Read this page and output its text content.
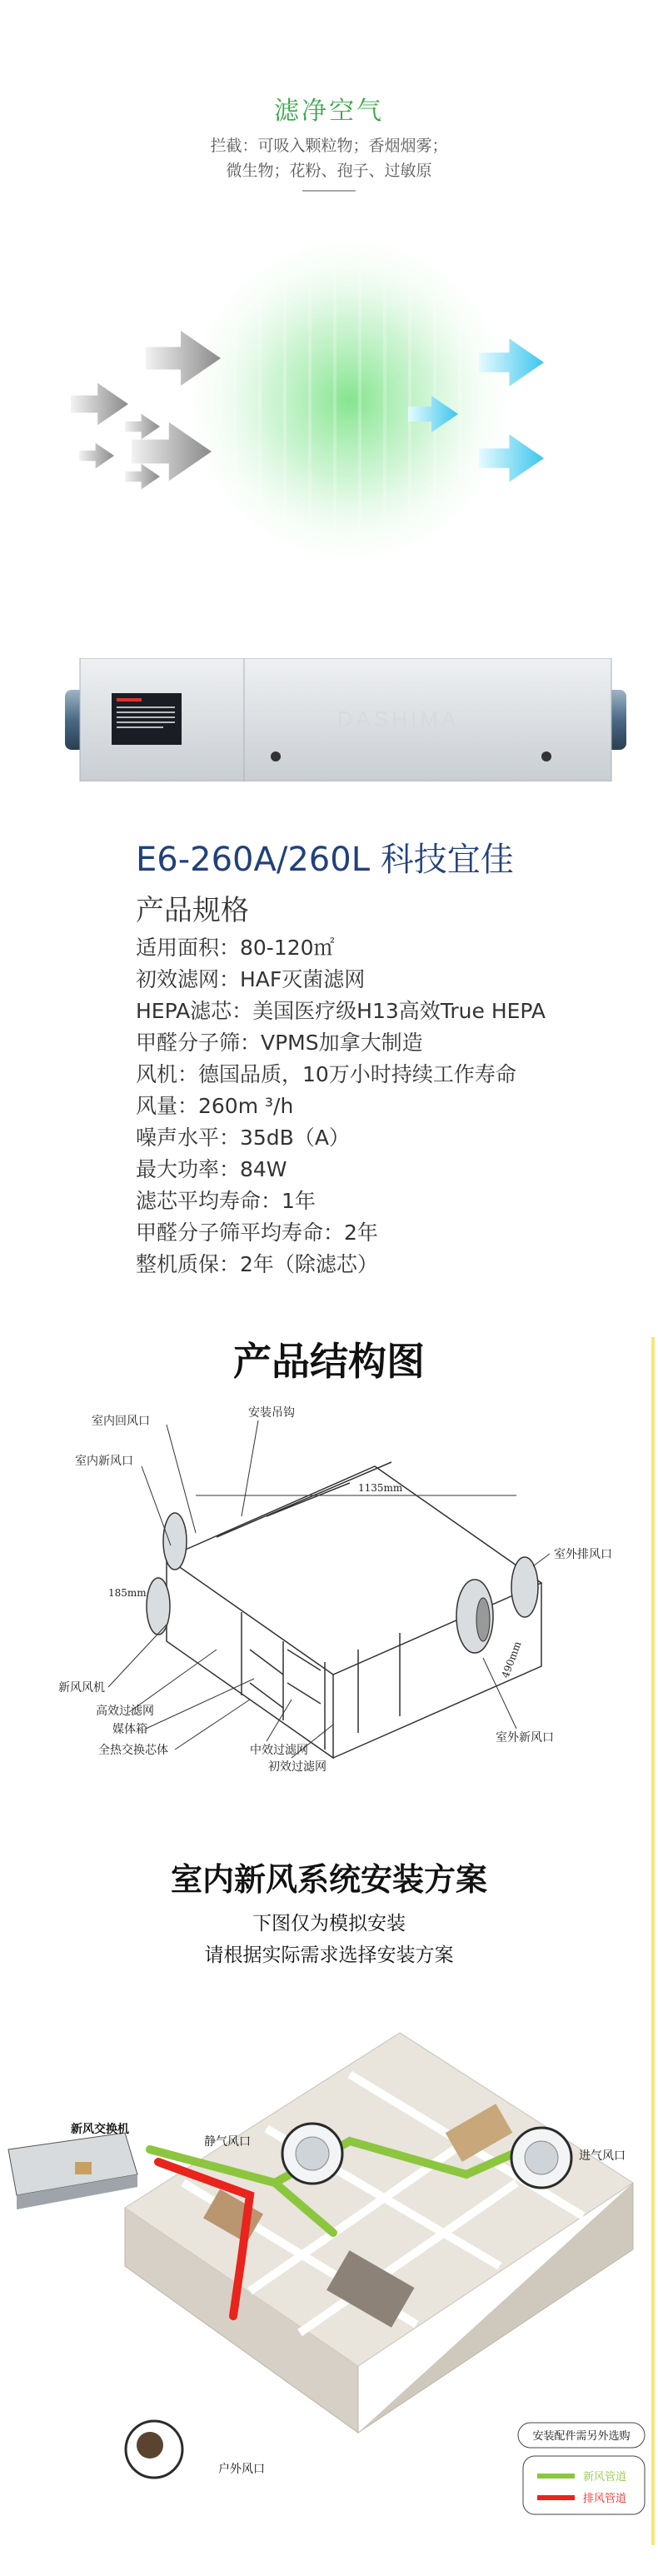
滤净空气
拦截：可吸入颗粒物；香烟烟雾；
微生物；花粉、孢子、过敏原
DASHIMA
E6-260A/260L 科技宜佳
产品规格
适用面积：80-120㎡
初效滤网：HAF灭菌滤网
HEPA滤芯：美国医疗级H13高效True HEPA
甲醛分子筛：VPMS加拿大制造
风机：德国品质，10万小时持续工作寿命
风量：260m ³/h
噪声水平：35dB（A）
最大功率：84W
滤芯平均寿命：1年
甲醛分子筛平均寿命：2年
整机质保：2年（除滤芯）
产品结构图
室内回风口
安装吊钩
室内新风口
1135mm
室外排风口
185mm
新风风机
490mm
高效过滤网
媒体箱
全热交换芯体	中效过滤网
室外新风口
初效过滤网
室内新风系统安装方案
下图仅为模拟安装
请根据实际需求选择安装方案
静气风口
进气风口
新风交换机
户外风口
安装配件需另外选购
新风管道
排风管道
